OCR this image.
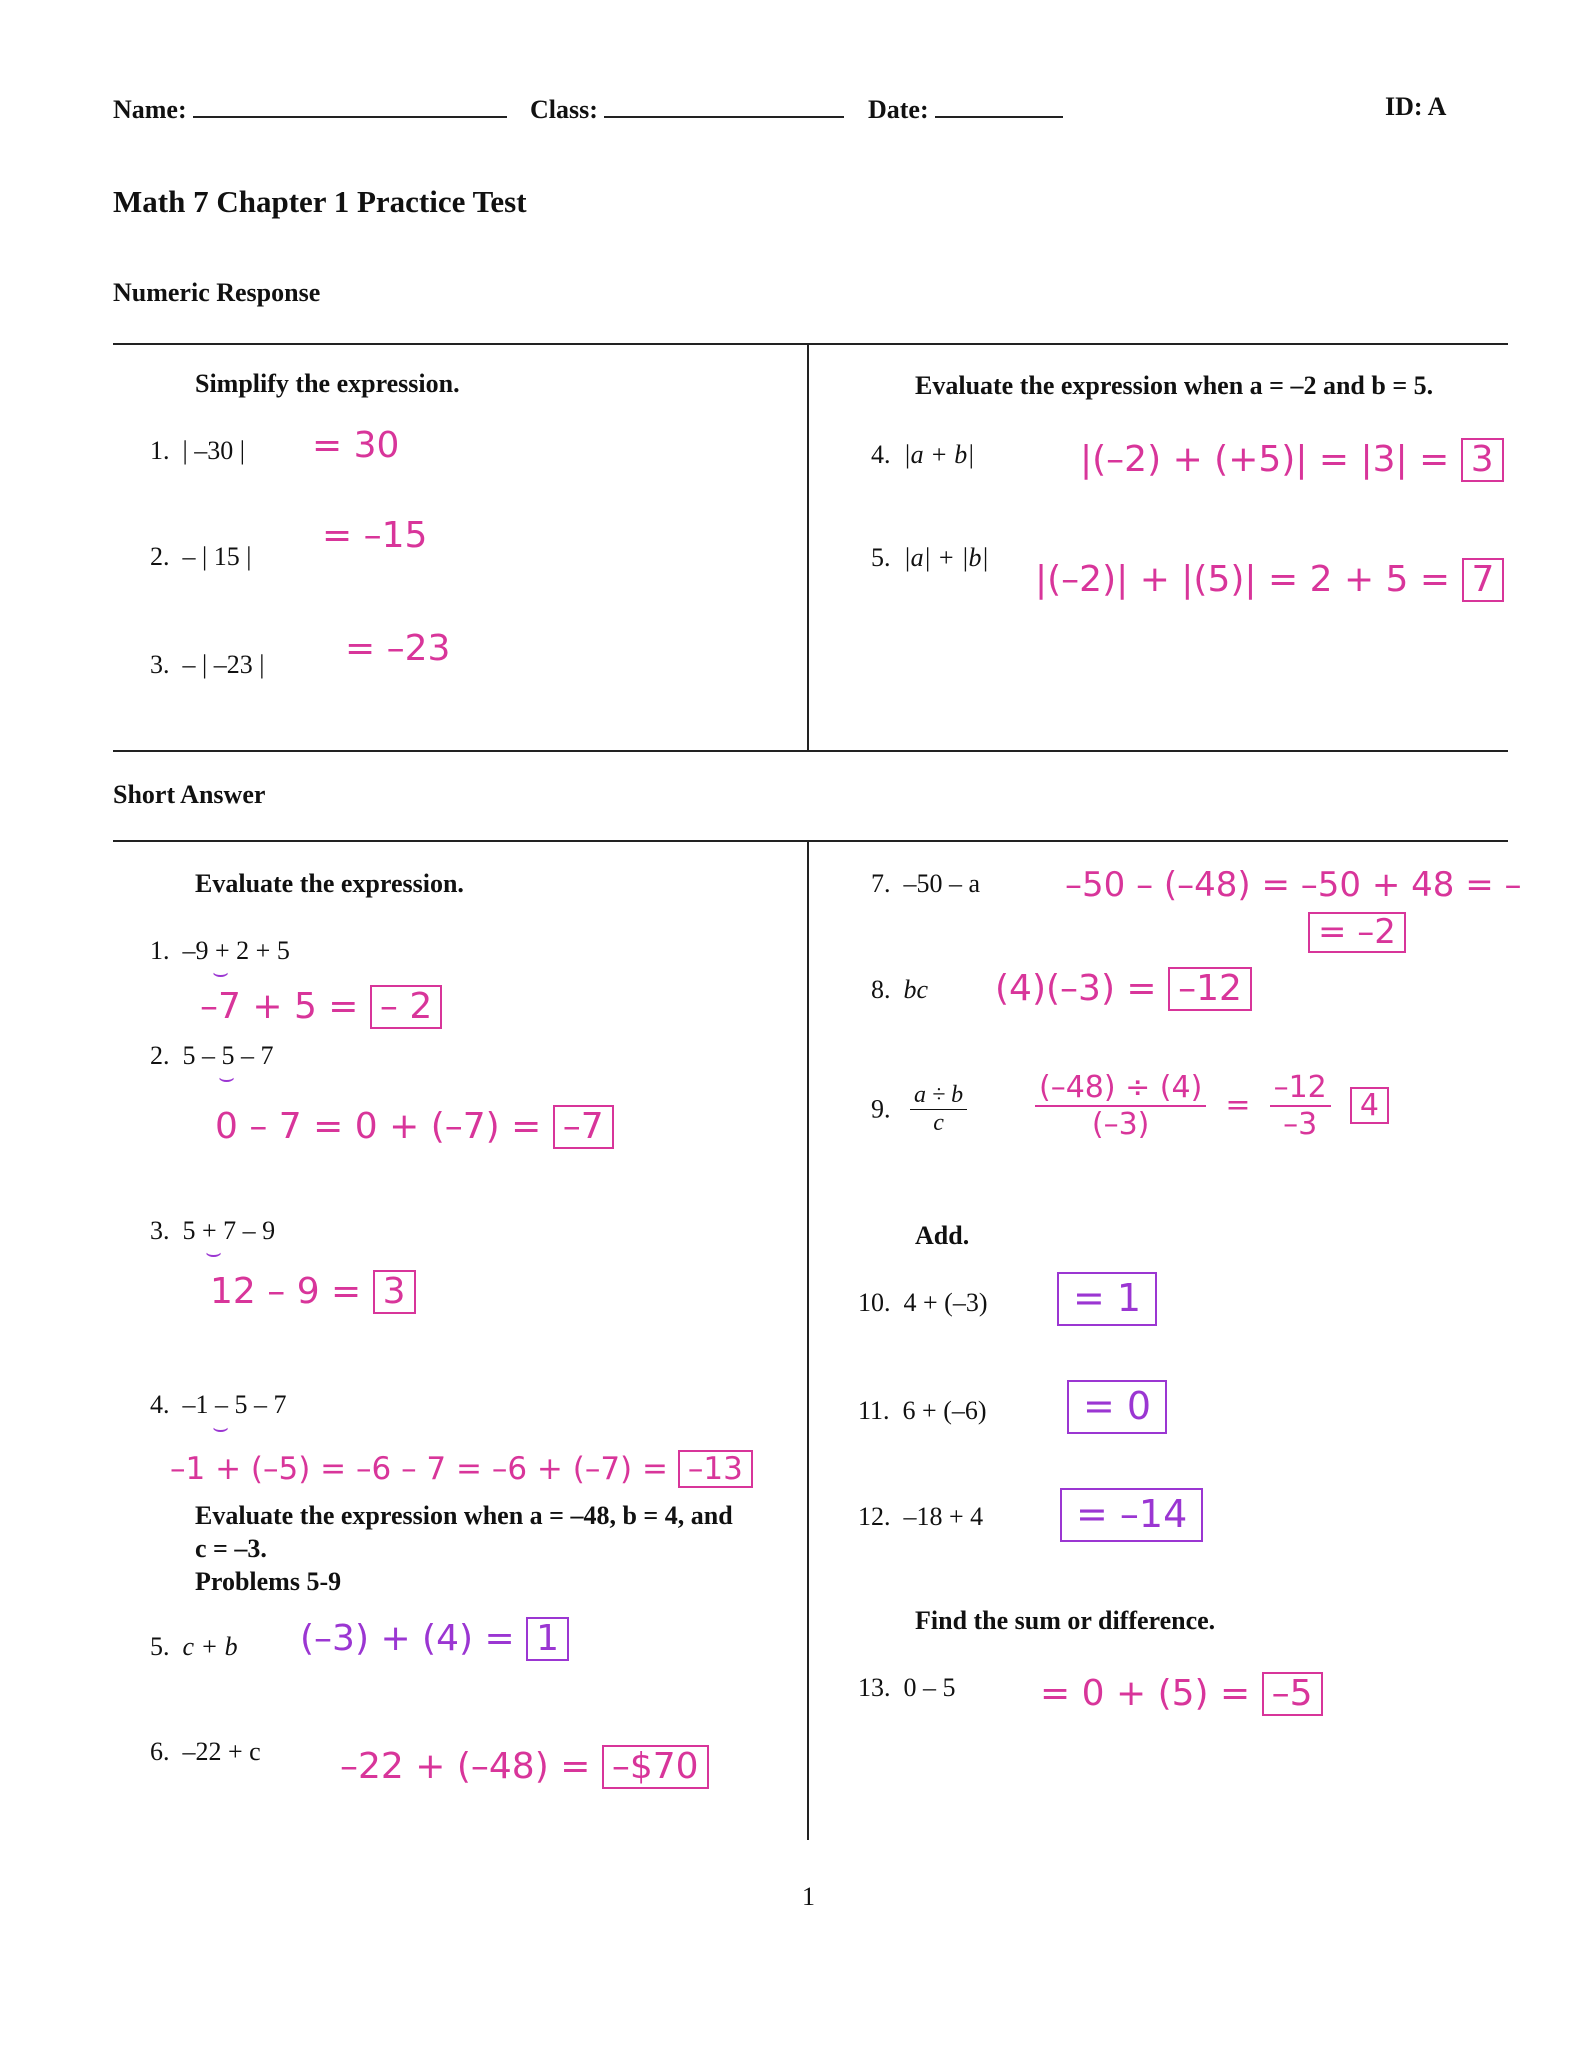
Name:	Class:	Date:	ID: A
Math 7 Chapter 1 Practice Test
Numeric Response
Simplify the expression.
1. | –30 | = 30
2. – | 15 |
= –15
3. – | –23 | = –23
Evaluate the expression when a = –2 and b = 5.
4. |a + b|	|(–2) + (+5)| = |3| = 3
5. |a| + |b|
|(–2)| + |(5)| = 2 + 5 = 7
Short Answer
Evaluate the expression.
1. –9 + 2 + 5
⌣
–7 + 5 = – 2
2. 5 – 5 – 7
⌣
0 – 7 = 0 + (–7) = –7
3. 5 + 7 – 9
⌣
12 – 9 = 3
4. –1 – 5 – 7
⌣
–1 + (–5) = –6 – 7 = –6 + (–7) = –13
Evaluate the expression when a = –48, b = 4, and
c = –3.
Problems 5-9
5. c + b (–3) + (4) = 1
6. –22 + c –22 + (–48) = –$70
7. –50 – a –50 – (–48) = –50 + 48 = –
= –2
8. bc (4)(–3) = –12
9. $\frac{a \div b}{c} \frac{(-48) \div (4)}{(-3)} = \frac{-12}{-3} 4$
Add.
10. 4 + (–3)	= 1
11. 6 + (–6)	= 0
12. –18 + 4	= –14
Find the sum or difference.
13. 0 – 5 = 0 + (5) = –5
1
